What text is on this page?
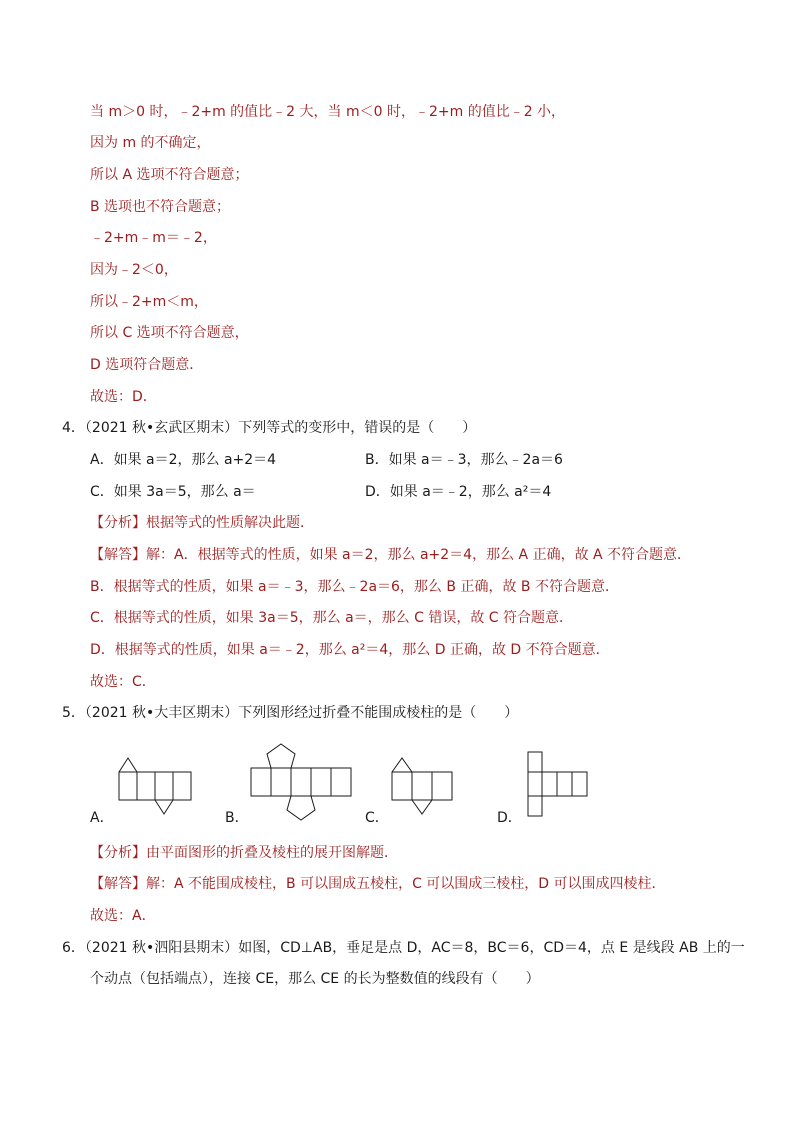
当 m＞0 时，﹣2+m 的值比﹣2 大，当 m＜0 时，﹣2+m 的值比﹣2 小，
因为 m 的不确定，
所以 A 选项不符合题意；
B 选项也不符合题意；
﹣2+m﹣m＝﹣2，
因为﹣2＜0，
所以﹣2+m＜m，
所以 C 选项不符合题意，
D 选项符合题意．
故选：D．
4．（2021 秋•玄武区期末）下列等式的变形中，错误的是（　　）
A．如果 a＝2，那么 a+2＝4	B．如果 a＝﹣3，那么﹣2a＝6
C．如果 3a＝5，那么 a＝	D．如果 a＝﹣2，那么 a²＝4
【分析】根据等式的性质解决此题．
【解答】解：A．根据等式的性质，如果 a＝2，那么 a+2＝4，那么 A 正确，故 A 不符合题意．
B．根据等式的性质，如果 a＝﹣3，那么﹣2a＝6，那么 B 正确，故 B 不符合题意．
C．根据等式的性质，如果 3a＝5，那么 a＝，那么 C 错误，故 C 符合题意．
D．根据等式的性质，如果 a＝﹣2，那么 a²＝4，那么 D 正确，故 D 不符合题意．
故选：C．
5．（2021 秋•大丰区期末）下列图形经过折叠不能围成棱柱的是（　　）
A．	B．	C．	D．
【分析】由平面图形的折叠及棱柱的展开图解题．
【解答】解：A 不能围成棱柱，B 可以围成五棱柱，C 可以围成三棱柱，D 可以围成四棱柱．
故选：A．
6．（2021 秋•泗阳县期末）如图，CD⊥AB，垂足是点 D，AC＝8，BC＝6，CD＝4，点 E 是线段 AB 上的一
个动点（包括端点），连接 CE，那么 CE 的长为整数值的线段有（　　）
